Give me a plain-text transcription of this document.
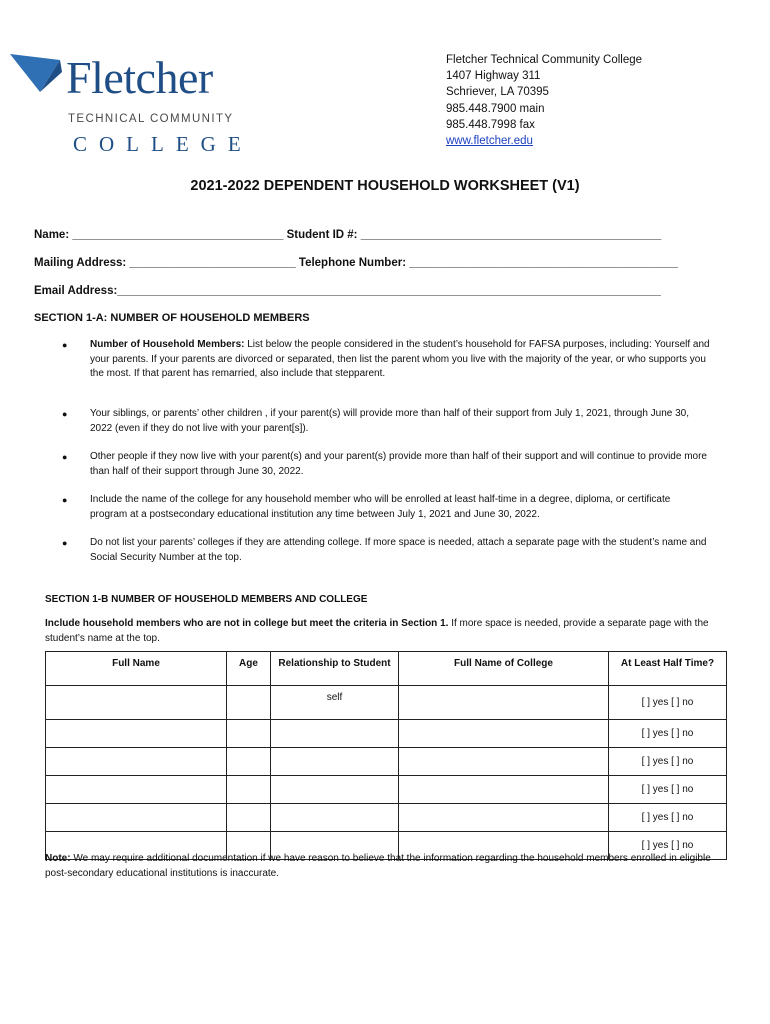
Fletcher
TECHNICAL COMMUNITY
COLLEGE
Fletcher Technical Community College
1407 Highway 311
Schriever, LA 70395
985.448.7900 main
985.448.7998 fax
www.fletcher.edu
2021-2022 DEPENDENT HOUSEHOLD WORKSHEET (V1)
Name: _________________________________ Student ID #: _______________________________________________
Mailing Address: __________________________ Telephone Number: __________________________________________
Email Address:_____________________________________________________________________________________
SECTION 1-A: NUMBER OF HOUSEHOLD MEMBERS
● Number of Household Members: List below the people considered in the student’s household for FAFSA purposes, including: Yourself and your parents. If your parents are divorced or separated, then list the parent whom you live with the majority of the year, or who supports you the most. If that parent has remarried, also include that stepparent.
● Your siblings, or parents’ other children , if your parent(s) will provide more than half of their support from July 1, 2021, through June 30, 2022 (even if they do not live with your parent[s]).
● Other people if they now live with your parent(s) and your parent(s) provide more than half of their support and will continue to provide more than half of their support through June 30, 2022.
● Include the name of the college for any household member who will be enrolled at least half-time in a degree, diploma, or certificate program at a postsecondary educational institution any time between July 1, 2021 and June 30, 2022.
● Do not list your parents’ colleges if they are attending college. If more space is needed, attach a separate page with the student’s name and Social Security Number at the top.
SECTION 1-B NUMBER OF HOUSEHOLD MEMBERS AND COLLEGE
Include household members who are not in college but meet the criteria in Section 1. If more space is needed, provide a separate page with the student’s name at the top.
Full Name	Age	Relationship to Student	Full Name of College	At Least Half Time?
		self		[ ] yes [ ] no
				[ ] yes [ ] no
				[ ] yes [ ] no
				[ ] yes [ ] no
				[ ] yes [ ] no
				[ ] yes [ ] no
Note: We may require additional documentation if we have reason to believe that the information regarding the household members enrolled in eligible post-secondary educational institutions is inaccurate.
